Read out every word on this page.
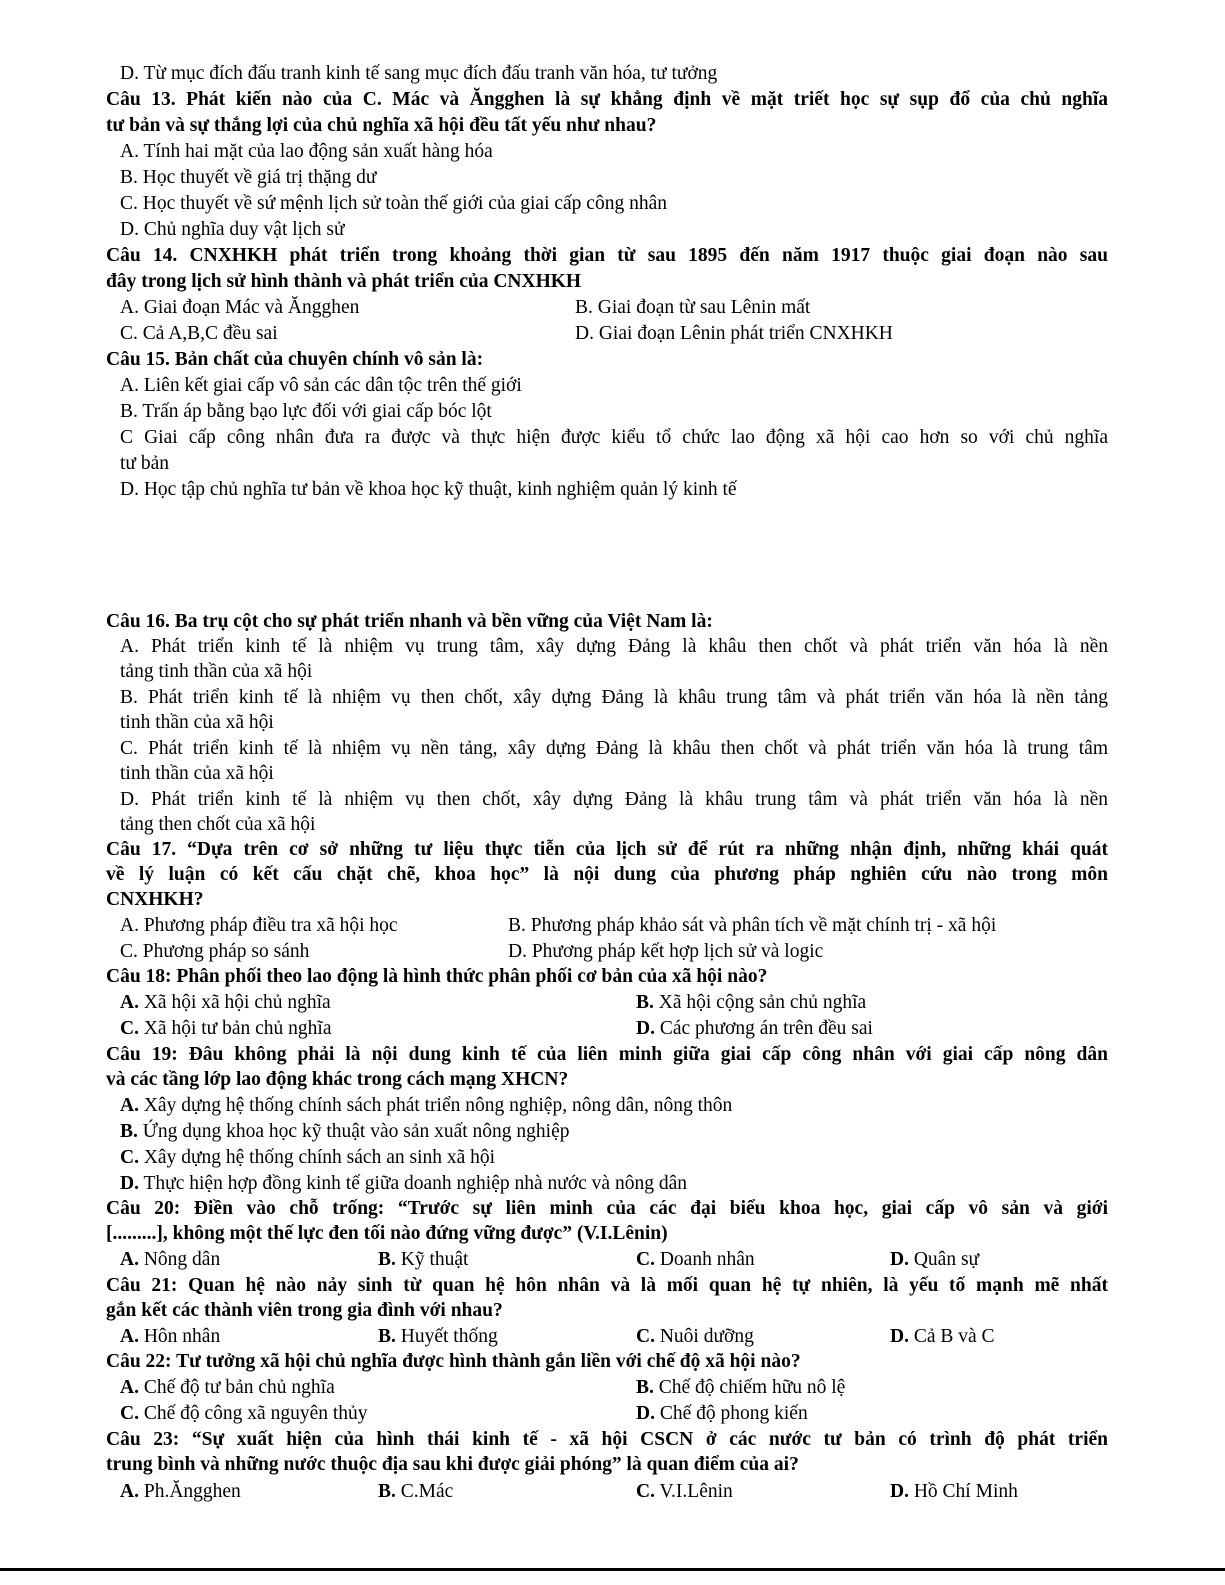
D. Từ mục đích đấu tranh kinh tế sang mục đích đấu tranh văn hóa, tư tưởng
Câu 13. Phát kiến nào của C. Mác và Ăngghen là sự khẳng định về mặt triết học sự sụp đổ của chủ nghĩa
tư bản và sự thắng lợi của chủ nghĩa xã hội đều tất yếu như nhau?
A. Tính hai mặt của lao động sản xuất hàng hóa
B. Học thuyết về giá trị thặng dư
C. Học thuyết về sứ mệnh lịch sử toàn thế giới của giai cấp công nhân
D. Chủ nghĩa duy vật lịch sử
Câu 14. CNXHKH phát triển trong khoảng thời gian từ sau 1895 đến năm 1917 thuộc giai đoạn nào sau
đây trong lịch sử hình thành và phát triển của CNXHKH
A. Giai đoạn Mác và Ăngghen	B. Giai đoạn từ sau Lênin mất
C. Cả A,B,C đều sai	D. Giai đoạn Lênin phát triển CNXHKH
Câu 15. Bản chất của chuyên chính vô sản là:
A. Liên kết giai cấp vô sản các dân tộc trên thế giới
B. Trấn áp bằng bạo lực đối với giai cấp bóc lột
C Giai cấp công nhân đưa ra được và thực hiện được kiểu tổ chức lao động xã hội cao hơn so với chủ nghĩa
tư bản
D. Học tập chủ nghĩa tư bản về khoa học kỹ thuật, kinh nghiệm quản lý kinh tế
Câu 16. Ba trụ cột cho sự phát triển nhanh và bền vững của Việt Nam là:
A. Phát triển kinh tế là nhiệm vụ trung tâm, xây dựng Đảng là khâu then chốt và phát triển văn hóa là nền
tảng tinh thần của xã hội
B. Phát triển kinh tế là nhiệm vụ then chốt, xây dựng Đảng là khâu trung tâm và phát triển văn hóa là nền tảng
tinh thần của xã hội
C. Phát triển kinh tế là nhiệm vụ nền tảng, xây dựng Đảng là khâu then chốt và phát triển văn hóa là trung tâm
tinh thần của xã hội
D. Phát triển kinh tế là nhiệm vụ then chốt, xây dựng Đảng là khâu trung tâm và phát triển văn hóa là nền
tảng then chốt của xã hội
Câu 17. “Dựa trên cơ sở những tư liệu thực tiễn của lịch sử để rút ra những nhận định, những khái quát
về lý luận có kết cấu chặt chẽ, khoa học” là nội dung của phương pháp nghiên cứu nào trong môn
CNXHKH?
A. Phương pháp điều tra xã hội học	B. Phương pháp khảo sát và phân tích về mặt chính trị - xã hội
C. Phương pháp so sánh	D. Phương pháp kết hợp lịch sử và logic
Câu 18: Phân phối theo lao động là hình thức phân phối cơ bản của xã hội nào?
A. Xã hội xã hội chủ nghĩa	B. Xã hội cộng sản chủ nghĩa
C. Xã hội tư bản chủ nghĩa	D. Các phương án trên đều sai
Câu 19: Đâu không phải là nội dung kinh tế của liên minh giữa giai cấp công nhân với giai cấp nông dân
và các tầng lớp lao động khác trong cách mạng XHCN?
A. Xây dựng hệ thống chính sách phát triển nông nghiệp, nông dân, nông thôn
B. Ứng dụng khoa học kỹ thuật vào sản xuất nông nghiệp
C. Xây dựng hệ thống chính sách an sinh xã hội
D. Thực hiện hợp đồng kinh tế giữa doanh nghiệp nhà nước và nông dân
Câu 20: Điền vào chỗ trống: “Trước sự liên minh của các đại biểu khoa học, giai cấp vô sản và giới
[.........], không một thế lực đen tối nào đứng vững được” (V.I.Lênin)
A. Nông dân	B. Kỹ thuật	C. Doanh nhân	D. Quân sự
Câu 21: Quan hệ nào nảy sinh từ quan hệ hôn nhân và là mối quan hệ tự nhiên, là yếu tố mạnh mẽ nhất
gắn kết các thành viên trong gia đình với nhau?
A. Hôn nhân	B. Huyết thống	C. Nuôi dưỡng	D. Cả B và C
Câu 22: Tư tưởng xã hội chủ nghĩa được hình thành gắn liền với chế độ xã hội nào?
A. Chế độ tư bản chủ nghĩa	B. Chế độ chiếm hữu nô lệ
C. Chế độ công xã nguyên thủy	D. Chế độ phong kiến
Câu 23: “Sự xuất hiện của hình thái kinh tế - xã hội CSCN ở các nước tư bản có trình độ phát triển
trung bình và những nước thuộc địa sau khi được giải phóng” là quan điểm của ai?
A. Ph.Ăngghen	B. C.Mác	C. V.I.Lênin	D. Hồ Chí Minh
